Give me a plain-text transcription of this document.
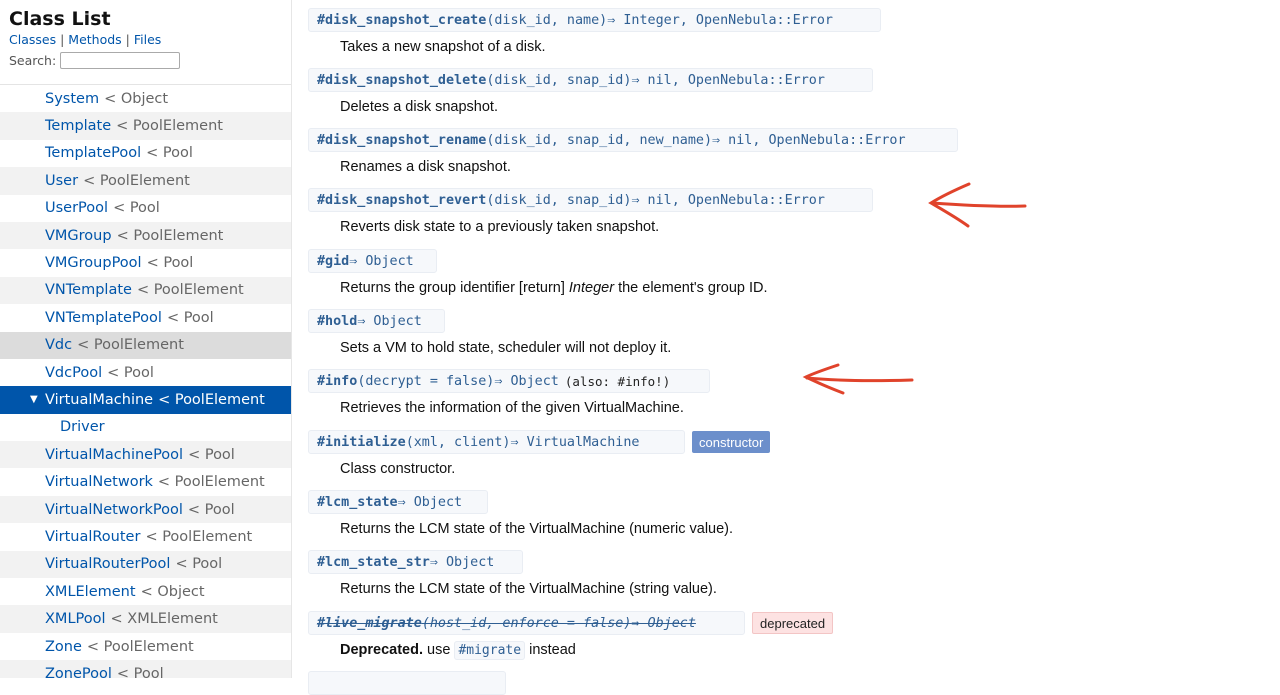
Class List
Classes | Methods | Files
Search:
System < Object
Template < PoolElement
TemplatePool < Pool
User < PoolElement
UserPool < Pool
VMGroup < PoolElement
VMGroupPool < Pool
VNTemplate < PoolElement
VNTemplatePool < Pool
Vdc < PoolElement
VdcPool < Pool
▼ VirtualMachine < PoolElement
Driver
VirtualMachinePool < Pool
VirtualNetwork < PoolElement
VirtualNetworkPool < Pool
VirtualRouter < PoolElement
VirtualRouterPool < Pool
XMLElement < Object
XMLPool < XMLElement
Zone < PoolElement
ZonePool < Pool
#disk_snapshot_create (disk_id, name) ⇒ Integer, OpenNebula::Error
Takes a new snapshot of a disk.
#disk_snapshot_delete (disk_id, snap_id) ⇒ nil, OpenNebula::Error
Deletes a disk snapshot.
#disk_snapshot_rename (disk_id, snap_id, new_name) ⇒ nil, OpenNebula::Error
Renames a disk snapshot.
#disk_snapshot_revert (disk_id, snap_id) ⇒ nil, OpenNebula::Error
Reverts disk state to a previously taken snapshot.
#gid ⇒ Object
Returns the group identifier [return] Integer the element's group ID.
#hold ⇒ Object
Sets a VM to hold state, scheduler will not deploy it.
#info (decrypt = false) ⇒ Object (also: #info!)
Retrieves the information of the given VirtualMachine.
#initialize (xml, client) ⇒ VirtualMachine	constructor
Class constructor.
#lcm_state ⇒ Object
Returns the LCM state of the VirtualMachine (numeric value).
#lcm_state_str ⇒ Object
Returns the LCM state of the VirtualMachine (string value).
#live_migrate (host_id, enforce = false) ⇒ Object	deprecated
Deprecated. use #migrate instead
